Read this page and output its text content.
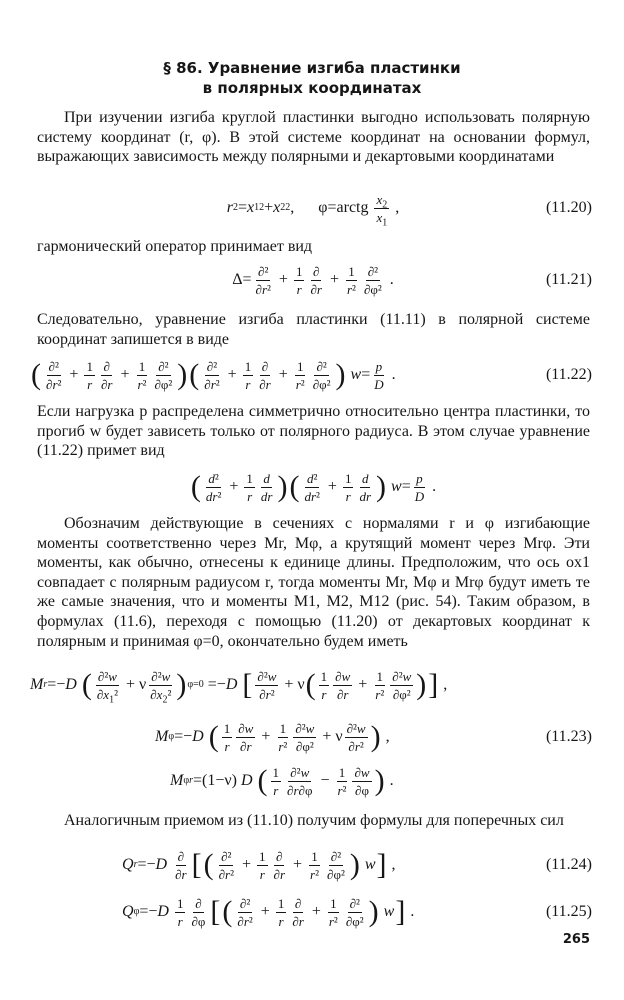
§ 86. Уравнение изгиба пластинки
в полярных координатах

При изучении изгиба круглой пластинки выгодно использовать полярную систему координат (r, φ). В этой системе координат на основании формул, выражающих зависимость между полярными и декартовыми координатами

r 2 = x 1 2 + x 2 2 ,      φ=arctg $\frac{x_2}{x_1}$ ,	(11.20)

гармонический оператор принимает вид

$\Delta= \frac{\text{∂²}}{\text{∂r²}} + \frac{1}{r} \frac{\partial}{\partial r} + \frac{1}{\text{r²}} \frac{\text{∂²}}{\text{∂φ²}}$ .	(11.21)

Следовательно, уравнение изгиба пластинки (11.11) в полярной системе координат запишется в виде

( $\frac{\text{∂²}}{\text{∂r²}} + \frac{1}{r} \frac{\partial}{\partial r} + \frac{1}{\text{r²}} \frac{\text{∂²}}{\text{∂φ²}}$ ) ( $\frac{\text{∂²}}{\text{∂r²}} + \frac{1}{r} \frac{\partial}{\partial r} + \frac{1}{\text{r²}} \frac{\text{∂²}}{\text{∂φ²}}$ )
$w = \frac{p}{D}$ .	(11.22)

Если нагрузка p распределена симметрично относительно центра пластинки, то прогиб w будет зависеть только от полярного радиуса. В этом случае уравнение (11.22) примет вид

( $\frac{\text{d²}}{\text{dr²}} + \frac{1}{r} \frac{d}{dr}$ ) ( $\frac{\text{d²}}{\text{dr²}} + \frac{1}{r} \frac{d}{dr}$ )
$w = \frac{p}{D}$ .

Обозначим действующие в сечениях с нормалями r и φ изгибающие моменты соответственно через Mr, Mφ, а крутящий момент через Mrφ. Эти моменты, как обычно, отнесены к единице длины. Предположим, что ось ox1 совпадает с полярным радиусом r, тогда моменты Mr, Mφ и Mrφ будут иметь те же самые значения, что и моменты M1, M2, M12 (рис. 54). Таким образом, в формулах (11.6), переходя с помощью (11.20) от декартовых координат к полярным и принимая φ=0, окончательно будем иметь

M r =− D
( $\frac{\text{∂²w}}{\partial x_1^2} + \nu \frac{\text{∂²w}}{\partial x_2^2}$ ) φ=0 =− D
[ $\frac{\text{∂²w}}{\text{∂r²}} + \nu$ ( $\frac{1}{r} \frac{\partial w}{\partial r} + \frac{1}{\text{r²}} \frac{\text{∂²w}}{\text{∂φ²}}$ ) ] ,
M φ =− D
( $\frac{1}{r} \frac{\partial w}{\partial r} + \frac{1}{\text{r²}} \frac{\text{∂²w}}{\text{∂φ²}} + \nu \frac{\text{∂²w}}{\text{∂r²}}$ ) ,	(11.23)
M φr =(1−ν) D
( $\frac{1}{r} \frac{\text{∂²w}}{\partial r\partial\varphi} - \frac{1}{\text{r²}} \frac{\partial w}{\partial\varphi}$ ) .

Аналогичным приемом из (11.10) получим формулы для поперечных сил

Q r =− D
$\frac{\partial}{\partial r}$ [ ( $\frac{\text{∂²}}{\text{∂r²}} + \frac{1}{r} \frac{\partial}{\partial r} + \frac{1}{\text{r²}} \frac{\text{∂²}}{\text{∂φ²}}$ )
w ] ,	(11.24)
Q φ =− D
$\frac{1}{r} \frac{\partial}{\partial\varphi}$ [ ( $\frac{\text{∂²}}{\text{∂r²}} + \frac{1}{r} \frac{\partial}{\partial r} + \frac{1}{\text{r²}} \frac{\text{∂²}}{\text{∂φ²}}$ )
w ] .	(11.25)
265
